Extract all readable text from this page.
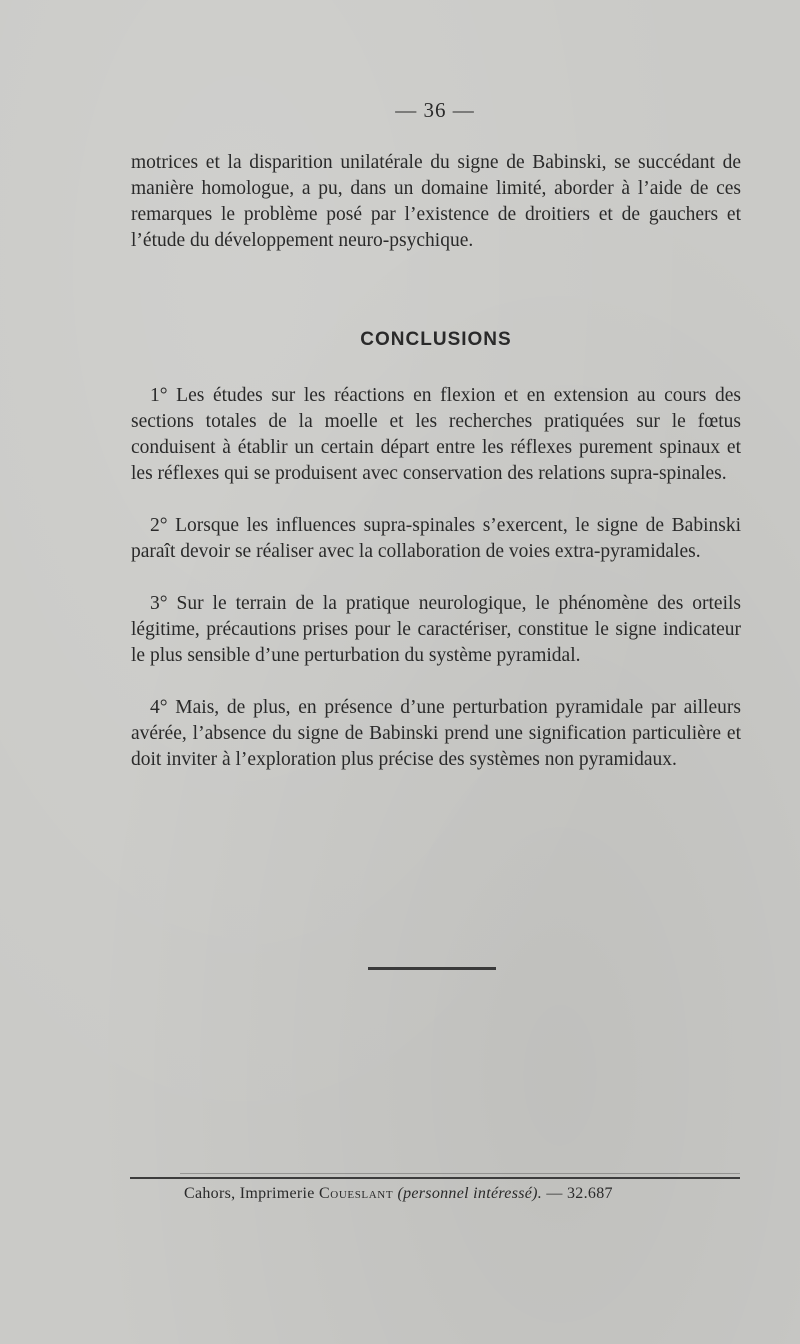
— 36 —

motrices et la disparition unilatérale du signe de Babinski, se succédant de manière homologue, a pu, dans un domaine limité, aborder à l’aide de ces remarques le problème posé par l’existence de droitiers et de gauchers et l’étude du développement neuro-psychique.

CONCLUSIONS

1° Les études sur les réactions en flexion et en extension au cours des sections totales de la moelle et les recherches pratiquées sur le fœtus conduisent à établir un certain départ entre les réflexes purement spinaux et les réflexes qui se produisent avec conservation des relations supra-spinales.

2° Lorsque les influences supra-spinales s’exercent, le signe de Babinski paraît devoir se réaliser avec la collaboration de voies extra-pyramidales.

3° Sur le terrain de la pratique neurologique, le phénomène des orteils légitime, précautions prises pour le caractériser, constitue le signe indicateur le plus sensible d’une perturbation du système pyramidal.

4° Mais, de plus, en présence d’une perturbation pyramidale par ailleurs avérée, l’absence du signe de Babinski prend une signification particulière et doit inviter à l’exploration plus précise des systèmes non pyramidaux.

Cahors, Imprimerie Coueslant (personnel intéressé). — 32.687
